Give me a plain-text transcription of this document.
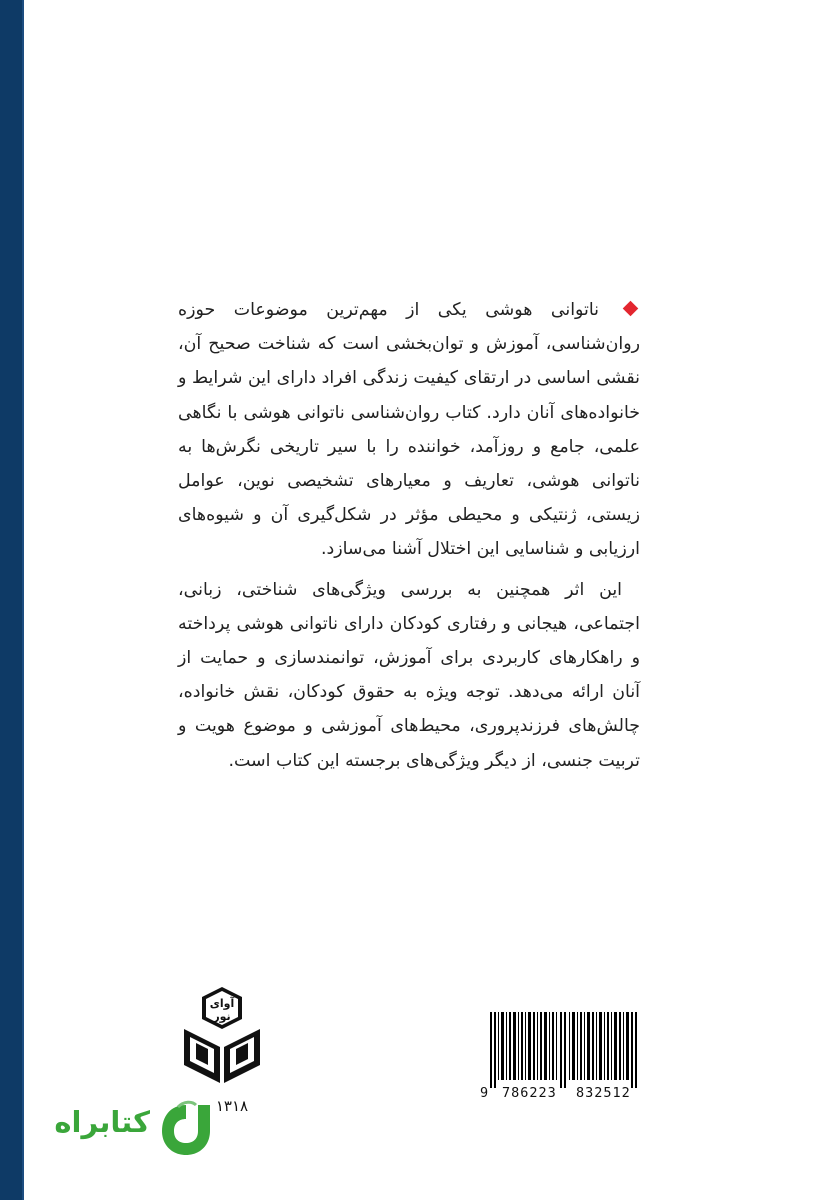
ناتوانی هوشی یکی از مهم‌ترین موضوعات حوزه روان‌شناسی، آموزش و توان‌بخشی است که شناخت صحیح آن، نقشی اساسی در ارتقای کیفیت زندگی افراد دارای این شرایط و خانواده‌های آنان دارد. کتاب روان‌شناسی ناتوانی هوشی با نگاهی علمی، جامع و روزآمد، خواننده را با سیر تاریخی نگرش‌ها به ناتوانی هوشی، تعاریف و معیارهای تشخیصی نوین، عوامل زیستی، ژنتیکی و محیطی مؤثر در شکل‌گیری آن و شیوه‌های ارزیابی و شناسایی این اختلال آشنا می‌سازد.

این اثر همچنین به بررسی ویژگی‌های شناختی، زبانی، اجتماعی، هیجانی و رفتاری کودکان دارای ناتوانی هوشی پرداخته و راهکارهای کاربردی برای آموزش، توانمندسازی و حمایت از آنان ارائه می‌دهد. توجه ویژه به حقوق کودکان، نقش خانواده، چالش‌های فرزندپروری، محیط‌های آموزشی و موضوع هویت و تربیت جنسی، از دیگر ویژگی‌های برجسته این کتاب است.

آوای
نور
۱۳۱۸
9 786223 832512
کتابراه
